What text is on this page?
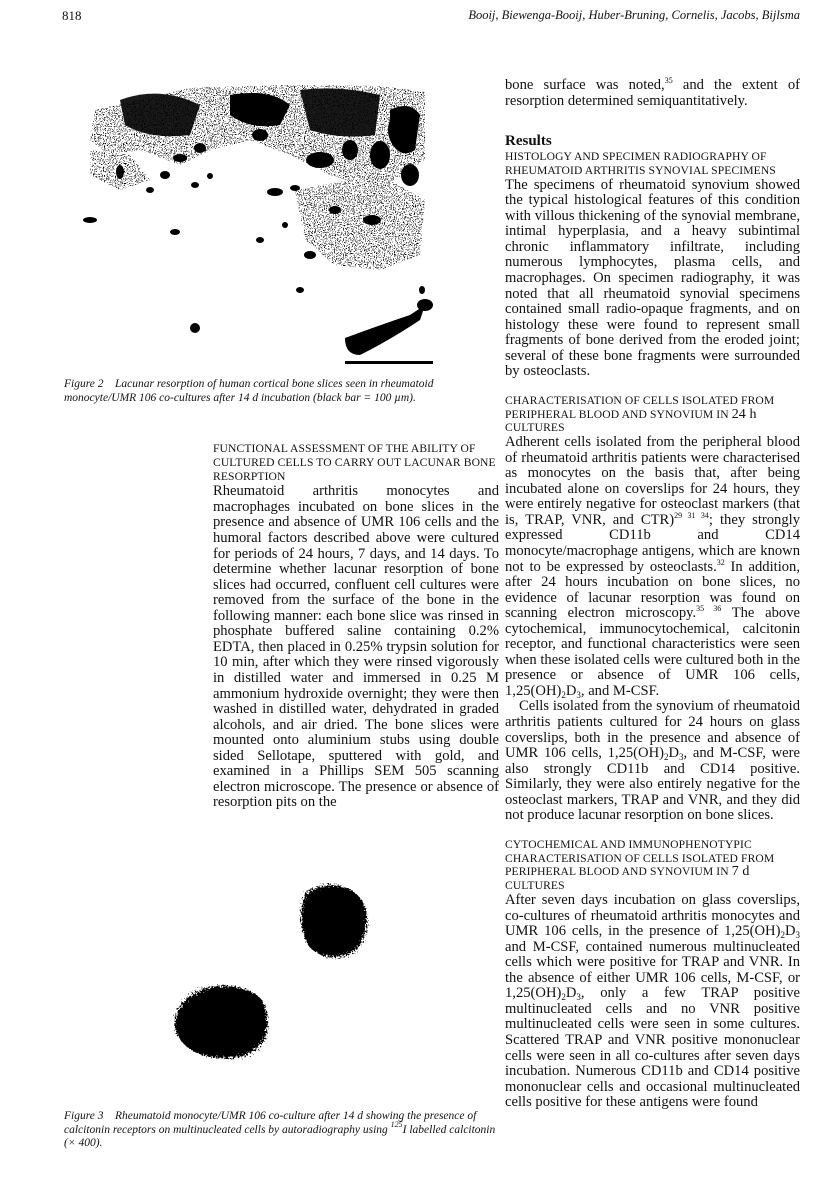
818	Booij, Biewenga-Booij, Huber-Bruning, Cornelis, Jacobs, Bijlsma
Figure 2 Lacunar resorption of human cortical bone slices seen in rheumatoid monocyte/UMR 106 co-cultures after 14 d incubation (black bar = 100 µm).

FUNCTIONAL ASSESSMENT OF THE ABILITY OF CULTURED CELLS TO CARRY OUT LACUNAR BONE RESORPTION

Rheumatoid arthritis monocytes and macrophages incubated on bone slices in the presence and absence of UMR 106 cells and the humoral factors described above were cultured for periods of 24 hours, 7 days, and 14 days. To determine whether lacunar resorption of bone slices had occurred, confluent cell cultures were removed from the surface of the bone in the following manner: each bone slice was rinsed in phosphate buffered saline containing 0.2% EDTA, then placed in 0.25% trypsin solution for 10 min, after which they were rinsed vigorously in distilled water and immersed in 0.25 M ammonium hydroxide overnight; they were then washed in distilled water, dehydrated in graded alcohols, and air dried. The bone slices were mounted onto aluminium stubs using double sided Sellotape, sputtered with gold, and examined in a Phillips SEM 505 scanning electron microscope. The presence or absence of resorption pits on the

Figure 3 Rheumatoid monocyte/UMR 106 co-culture after 14 d showing the presence of calcitonin receptors on multinucleated cells by autoradiography using $^{125}$I labelled calcitonin (× 400).

bone surface was noted,$^{35}$ and the extent of resorption determined semiquantitatively.

Results

HISTOLOGY AND SPECIMEN RADIOGRAPHY OF RHEUMATOID ARTHRITIS SYNOVIAL SPECIMENS

The specimens of rheumatoid synovium showed the typical histological features of this condition with villous thickening of the synovial membrane, intimal hyperplasia, and a heavy subintimal chronic inflammatory infiltrate, including numerous lymphocytes, plasma cells, and macrophages. On specimen radiography, it was noted that all rheumatoid synovial specimens contained small radio-opaque fragments, and on histology these were found to represent small fragments of bone derived from the eroded joint; several of these bone fragments were surrounded by osteoclasts.

CHARACTERISATION OF CELLS ISOLATED FROM PERIPHERAL BLOOD AND SYNOVIUM IN 24 h CULTURES

Adherent cells isolated from the peripheral blood of rheumatoid arthritis patients were characterised as monocytes on the basis that, after being incubated alone on coverslips for 24 hours, they were entirely negative for osteoclast markers (that is, TRAP, VNR, and CTR)$^{29 31 34}$; they strongly expressed CD11b and CD14 monocyte/macrophage antigens, which are known not to be expressed by osteoclasts.$^{32}$ In addition, after 24 hours incubation on bone slices, no evidence of lacunar resorption was found on scanning electron microscopy.$^{35 36}$ The above cytochemical, immunocytochemical, calcitonin receptor, and functional characteristics were seen when these isolated cells were cultured both in the presence or absence of UMR 106 cells, $1,25(OH)_2D_3$, and M-CSF.

Cells isolated from the synovium of rheumatoid arthritis patients cultured for 24 hours on glass coverslips, both in the presence and absence of UMR 106 cells, $1,25(OH)_2D_3$, and M-CSF, were also strongly CD11b and CD14 positive. Similarly, they were also entirely negative for the osteoclast markers, TRAP and VNR, and they did not produce lacunar resorption on bone slices.

CYTOCHEMICAL AND IMMUNOPHENOTYPIC CHARACTERISATION OF CELLS ISOLATED FROM PERIPHERAL BLOOD AND SYNOVIUM IN 7 d CULTURES

After seven days incubation on glass coverslips, co-cultures of rheumatoid arthritis monocytes and UMR 106 cells, in the presence of $1,25(OH)_2D_3$ and M-CSF, contained numerous multinucleated cells which were positive for TRAP and VNR. In the absence of either UMR 106 cells, M-CSF, or $1,25(OH)_2D_3$, only a few TRAP positive multinucleated cells and no VNR positive multinucleated cells were seen in some cultures. Scattered TRAP and VNR positive mononuclear cells were seen in all co-cultures after seven days incubation. Numerous CD11b and CD14 positive mononuclear cells and occasional multinucleated cells positive for these antigens were found
